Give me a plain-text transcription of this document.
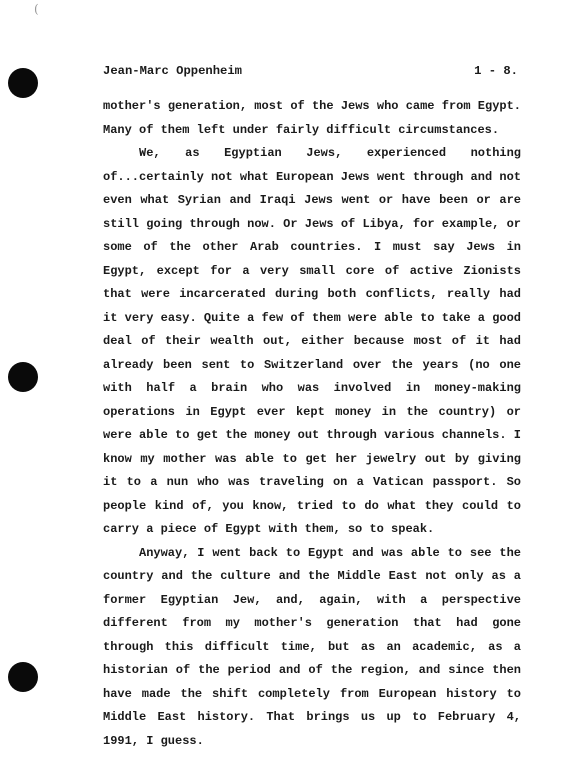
(
Jean-Marc Oppenheim	1 - 8.

mother's generation, most of the Jews who came from Egypt. Many of them left under fairly difficult circumstances.

We, as Egyptian Jews, experienced nothing of...certainly not what European Jews went through and not even what Syrian and Iraqi Jews went or have been or are still going through now. Or Jews of Libya, for example, or some of the other Arab countries. I must say Jews in Egypt, except for a very small core of active Zionists that were incarcerated during both conflicts, really had it very easy. Quite a few of them were able to take a good deal of their wealth out, either because most of it had already been sent to Switzerland over the years (no one with half a brain who was involved in money-making operations in Egypt ever kept money in the country) or were able to get the money out through various channels. I know my mother was able to get her jewelry out by giving it to a nun who was traveling on a Vatican passport. So people kind of, you know, tried to do what they could to carry a piece of Egypt with them, so to speak.

Anyway, I went back to Egypt and was able to see the country and the culture and the Middle East not only as a former Egyptian Jew, and, again, with a perspective different from my mother's generation that had gone through this difficult time, but as an academic, as a historian of the period and of the region, and since then have made the shift completely from European history to Middle East history. That brings us up to February 4, 1991, I guess.
